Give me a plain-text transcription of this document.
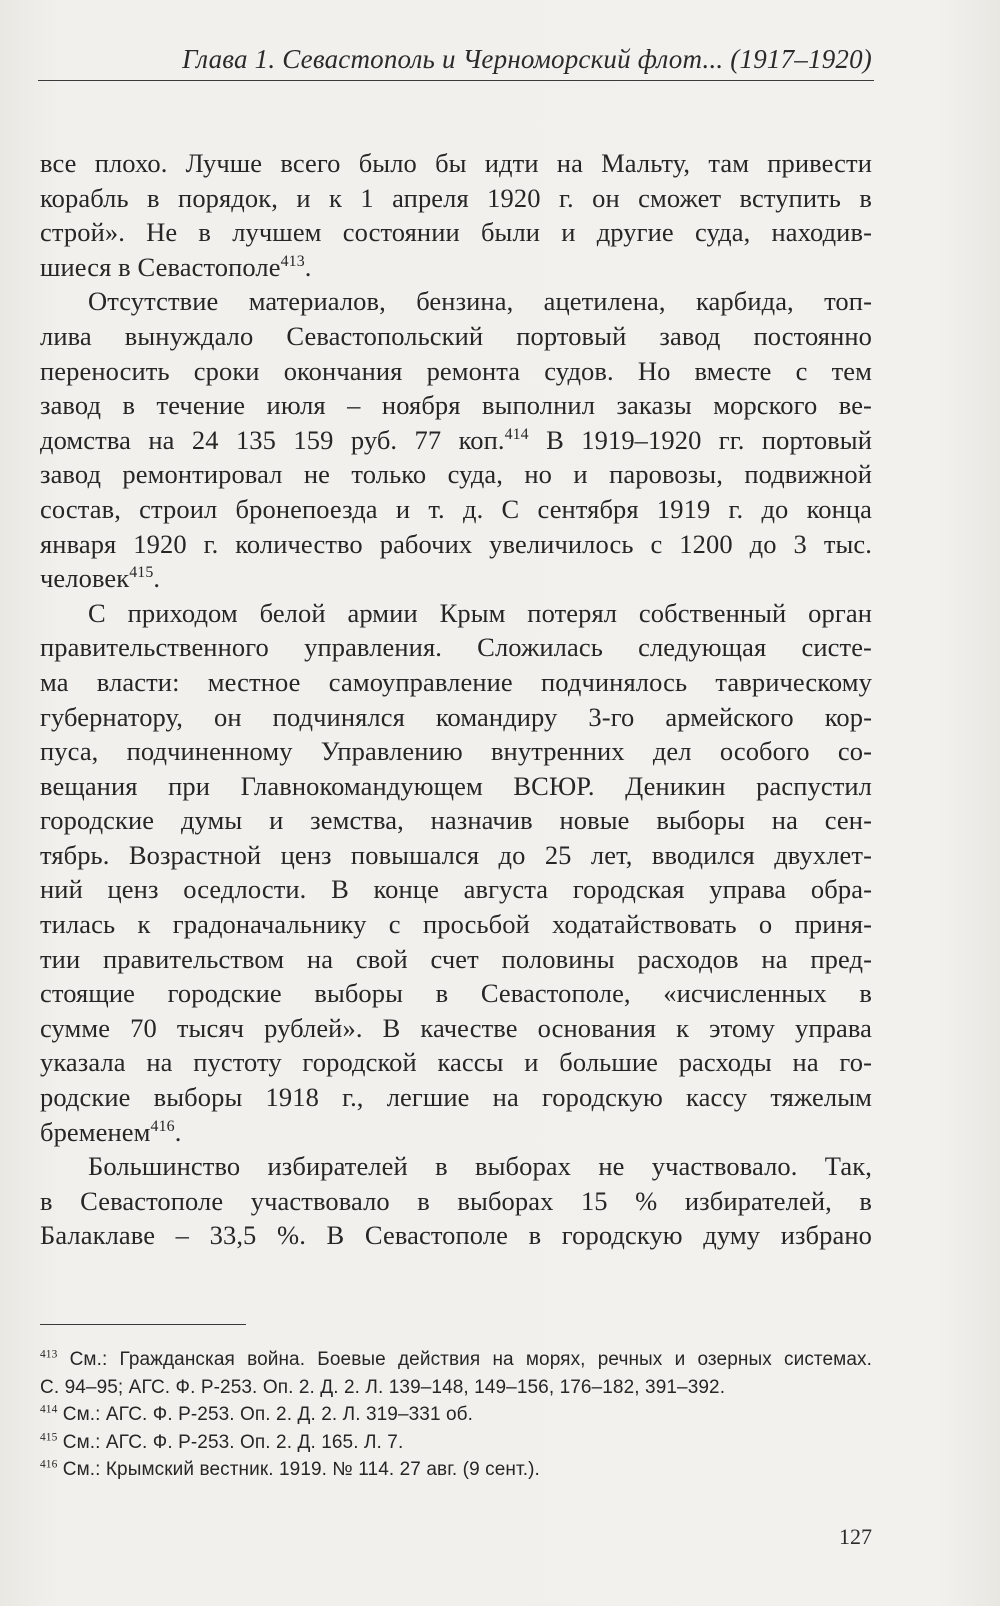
Глава 1. Севастополь и Черноморский флот... (1917–1920)
все плохо. Лучше всего было бы идти на Мальту, там привести
корабль в порядок, и к 1 апреля 1920 г. он сможет вступить в
строй». Не в лучшем состоянии были и другие суда, находив-
шиеся в Севастополе$^{413}$.
Отсутствие материалов, бензина, ацетилена, карбида, топ-
лива вынуждало Севастопольский портовый завод постоянно
переносить сроки окончания ремонта судов. Но вместе с тем
завод в течение июля – ноября выполнил заказы морского ве-
домства на 24 135 159 руб. 77 коп.$^{414}$ В 1919–1920 гг. портовый
завод ремонтировал не только суда, но и паровозы, подвижной
состав, строил бронепоезда и т. д. С сентября 1919 г. до конца
января 1920 г. количество рабочих увеличилось с 1200 до 3 тыс.
человек$^{415}$.
С приходом белой армии Крым потерял собственный орган
правительственного управления. Сложилась следующая систе-
ма власти: местное самоуправление подчинялось таврическому
губернатору, он подчинялся командиру 3-го армейского кор-
пуса, подчиненному Управлению внутренних дел особого со-
вещания при Главнокомандующем ВСЮР. Деникин распустил
городские думы и земства, назначив новые выборы на сен-
тябрь. Возрастной ценз повышался до 25 лет, вводился двухлет-
ний ценз оседлости. В конце августа городская управа обра-
тилась к градоначальнику с просьбой ходатайствовать о приня-
тии правительством на свой счет половины расходов на пред-
стоящие городские выборы в Севастополе, «исчисленных в
сумме 70 тысяч рублей». В качестве основания к этому управа
указала на пустоту городской кассы и большие расходы на го-
родские выборы 1918 г., легшие на городскую кассу тяжелым
бременем$^{416}$.
Большинство избирателей в выборах не участвовало. Так,
в Севастополе участвовало в выборах 15 % избирателей, в
Балаклаве – 33,5 %. В Севастополе в городскую думу избрано
$^{413}$ См.: Гражданская война. Боевые действия на морях, речных и озерных системах.
С. 94–95; АГС. Ф. Р-253. Оп. 2. Д. 2. Л. 139–148, 149–156, 176–182, 391–392.
$^{414}$ См.: АГС. Ф. Р-253. Оп. 2. Д. 2. Л. 319–331 об.
$^{415}$ См.: АГС. Ф. Р-253. Оп. 2. Д. 165. Л. 7.
$^{416}$ См.: Крымский вестник. 1919. № 114. 27 авг. (9 сент.).
127
